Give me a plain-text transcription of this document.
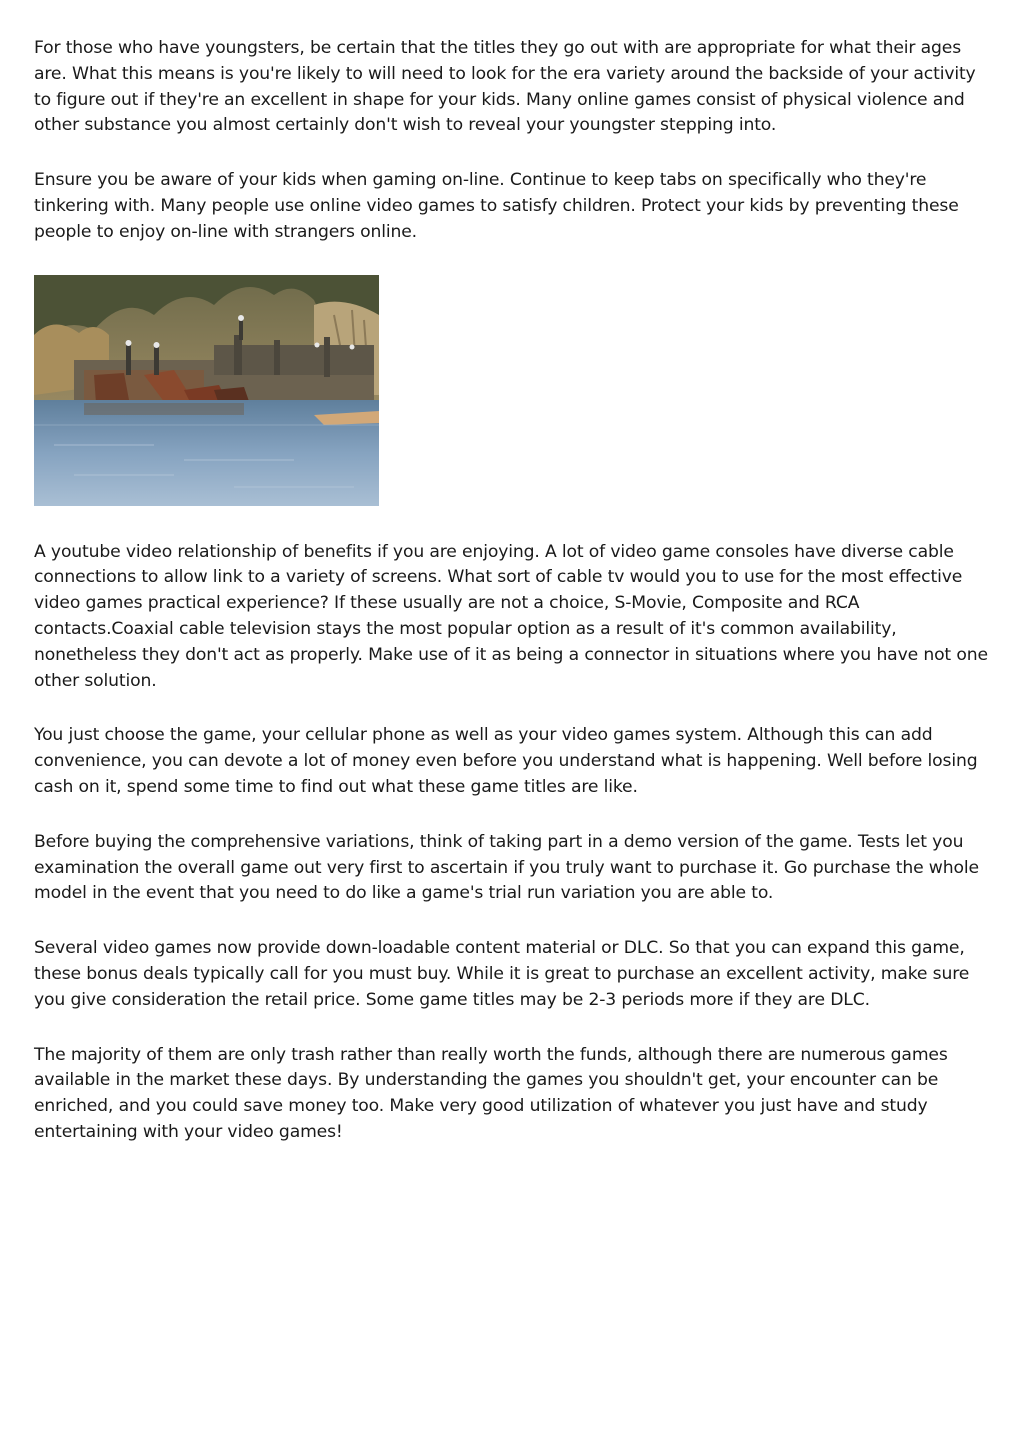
For those who have youngsters, be certain that the titles they go out with are appropriate for what their ages are. What this means is you're likely to will need to look for the era variety around the backside of your activity to figure out if they're an excellent in shape for your kids. Many online games consist of physical violence and other substance you almost certainly don't wish to reveal your youngster stepping into.

Ensure you be aware of your kids when gaming on-line. Continue to keep tabs on specifically who they're tinkering with. Many people use online video games to satisfy children. Protect your kids by preventing these people to enjoy on-line with strangers online.

A youtube video relationship of benefits if you are enjoying. A lot of video game consoles have diverse cable connections to allow link to a variety of screens. What sort of cable tv would you to use for the most effective video games practical experience? If these usually are not a choice, S-Movie, Composite and RCA contacts.Coaxial cable television stays the most popular option as a result of it's common availability, nonetheless they don't act as properly. Make use of it as being a connector in situations where you have not one other solution.

You just choose the game, your cellular phone as well as your video games system. Although this can add convenience, you can devote a lot of money even before you understand what is happening. Well before losing cash on it, spend some time to find out what these game titles are like.

Before buying the comprehensive variations, think of taking part in a demo version of the game. Tests let you examination the overall game out very first to ascertain if you truly want to purchase it. Go purchase the whole model in the event that you need to do like a game's trial run variation you are able to.

Several video games now provide down-loadable content material or DLC. So that you can expand this game, these bonus deals typically call for you must buy. While it is great to purchase an excellent activity, make sure you give consideration the retail price. Some game titles may be 2-3 periods more if they are DLC.

The majority of them are only trash rather than really worth the funds, although there are numerous games available in the market these days. By understanding the games you shouldn't get, your encounter can be enriched, and you could save money too. Make very good utilization of whatever you just have and study entertaining with your video games!
